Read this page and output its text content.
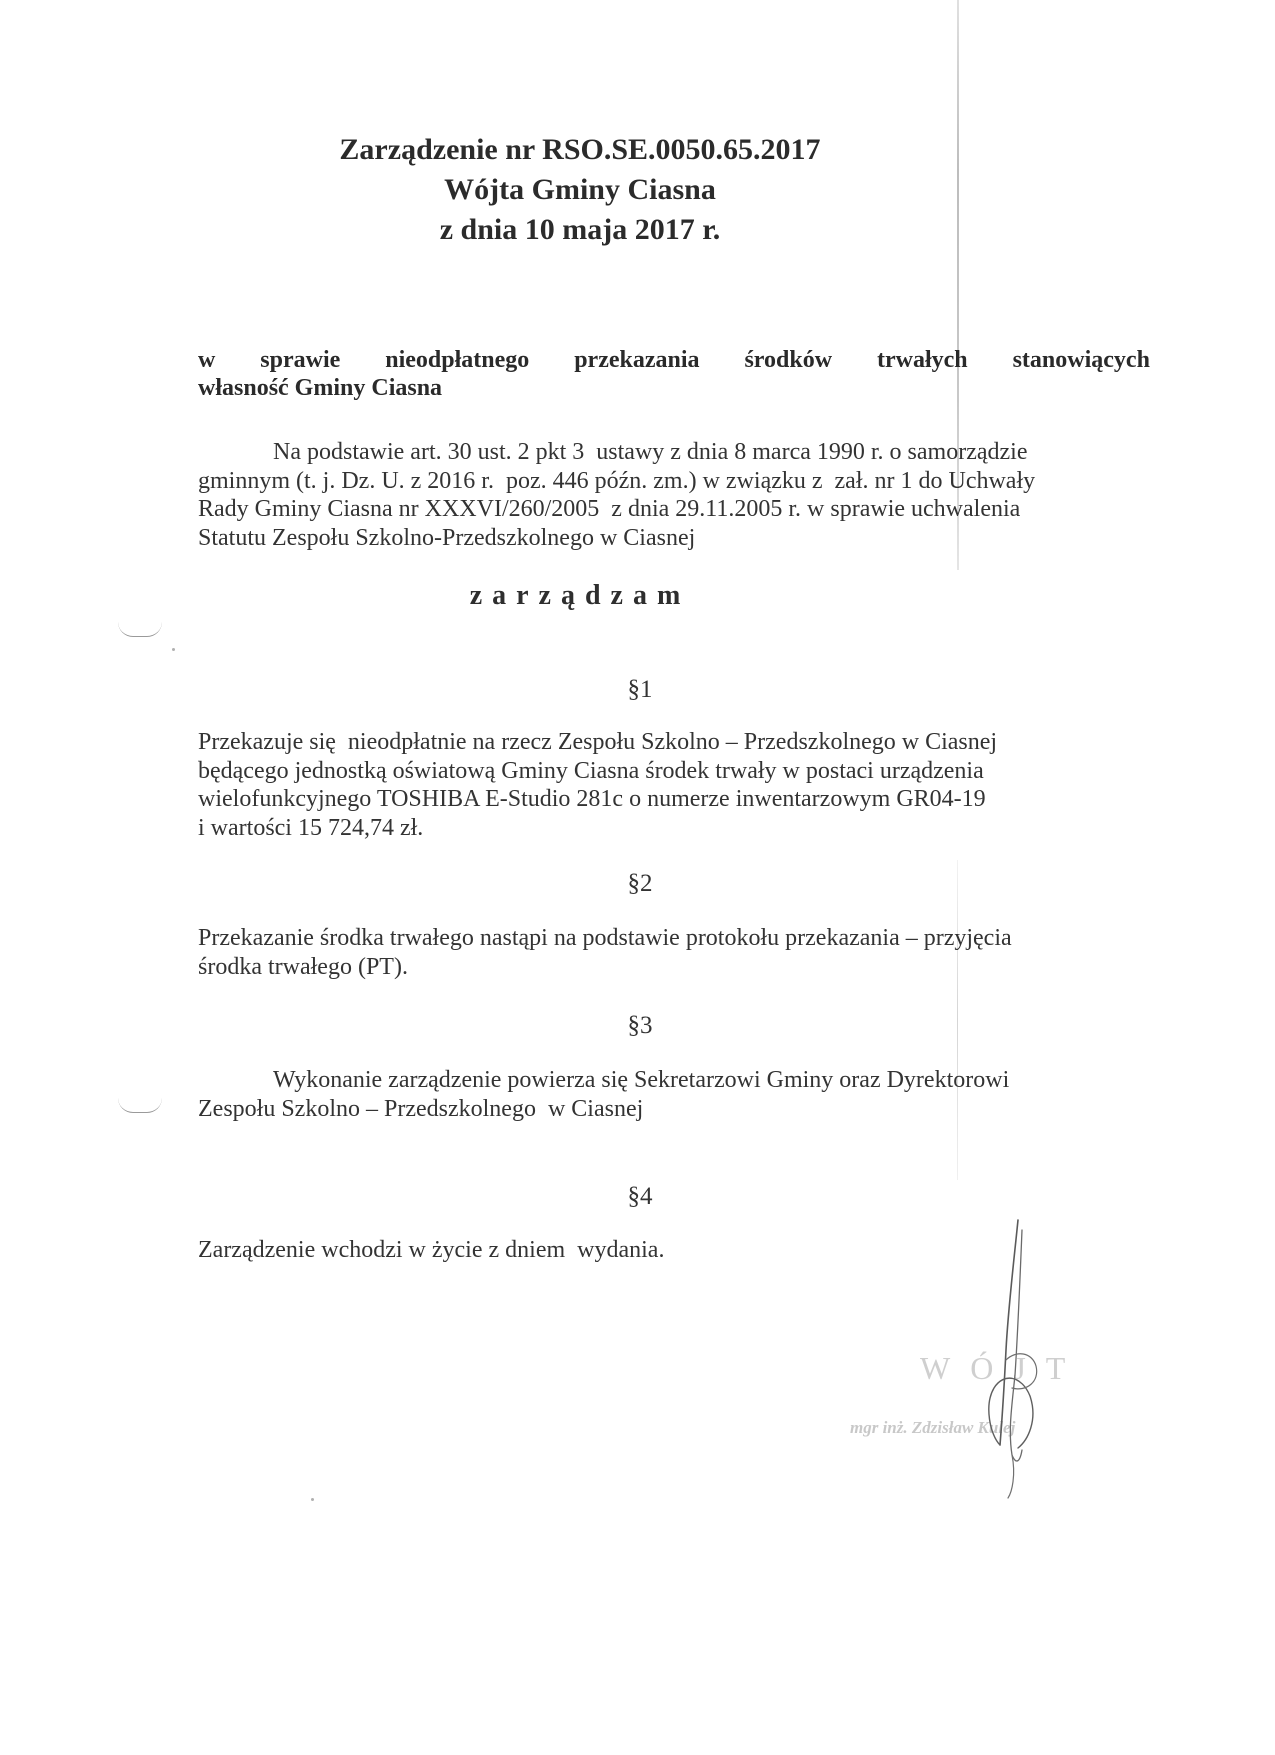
Zarządzenie nr RSO.SE.0050.65.2017
Wójta Gminy Ciasna
z dnia 10 maja 2017 r.
w sprawie nieodpłatnego przekazania środków trwałych stanowiących
własność Gminy Ciasna
Na podstawie art. 30 ust. 2 pkt 3  ustawy z dnia 8 marca 1990 r. o samorządzie
gminnym (t. j. Dz. U. z 2016 r.  poz. 446 późn. zm.) w związku z  zał. nr 1 do Uchwały
Rady Gminy Ciasna nr XXXVI/260/2005  z dnia 29.11.2005 r. w sprawie uchwalenia
Statutu Zespołu Szkolno-Przedszkolnego w Ciasnej
zarządzam
§1
Przekazuje się  nieodpłatnie na rzecz Zespołu Szkolno – Przedszkolnego w Ciasnej
będącego jednostką oświatową Gminy Ciasna środek trwały w postaci urządzenia
wielofunkcyjnego TOSHIBA E-Studio 281c o numerze inwentarzowym GR04-19
i wartości 15 724,74 zł.
§2
Przekazanie środka trwałego nastąpi na podstawie protokołu przekazania – przyjęcia
środka trwałego (PT).
§3
Wykonanie zarządzenie powierza się Sekretarzowi Gminy oraz Dyrektorowi
Zespołu Szkolno – Przedszkolnego  w Ciasnej
§4
Zarządzenie wchodzi w życie z dniem  wydania.
WÓJT
mgr inż. Zdzisław Kulej
